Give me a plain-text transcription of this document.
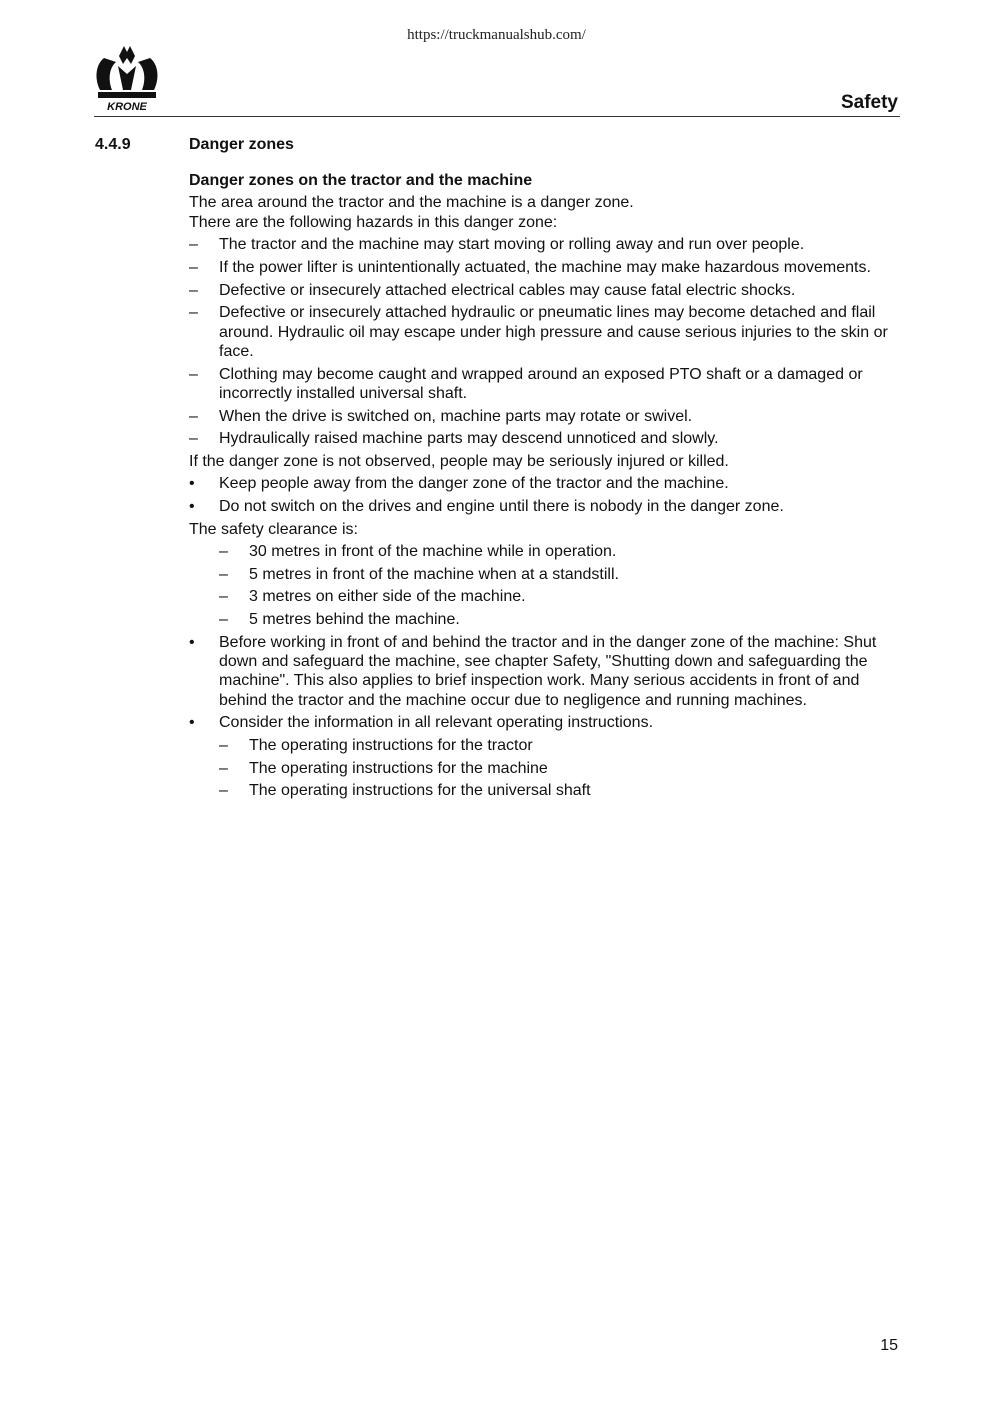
https://truckmanualshub.com/
KRONE	Safety
4.4.9	Danger zones

Danger zones on the tractor and the machine

The area around the tractor and the machine is a danger zone.

There are the following hazards in this danger zone:

– The tractor and the machine may start moving or rolling away and run over people.
– If the power lifter is unintentionally actuated, the machine may make hazardous movements.
– Defective or insecurely attached electrical cables may cause fatal electric shocks.
– Defective or insecurely attached hydraulic or pneumatic lines may become detached and flail around. Hydraulic oil may escape under high pressure and cause serious injuries to the skin or face.
– Clothing may become caught and wrapped around an exposed PTO shaft or a damaged or incorrectly installed universal shaft.
– When the drive is switched on, machine parts may rotate or swivel.
– Hydraulically raised machine parts may descend unnoticed and slowly.

If the danger zone is not observed, people may be seriously injured or killed.

• Keep people away from the danger zone of the tractor and the machine.
• Do not switch on the drives and engine until there is nobody in the danger zone.

The safety clearance is:

– 30 metres in front of the machine while in operation.
– 5 metres in front of the machine when at a standstill.
– 3 metres on either side of the machine.
– 5 metres behind the machine.
• Before working in front of and behind the tractor and in the danger zone of the machine: Shut down and safeguard the machine, see chapter Safety, "Shutting down and safeguarding the machine". This also applies to brief inspection work. Many serious accidents in front of and behind the tractor and the machine occur due to negligence and running machines.
• Consider the information in all relevant operating instructions.
– The operating instructions for the tractor
– The operating instructions for the machine
– The operating instructions for the universal shaft
15
